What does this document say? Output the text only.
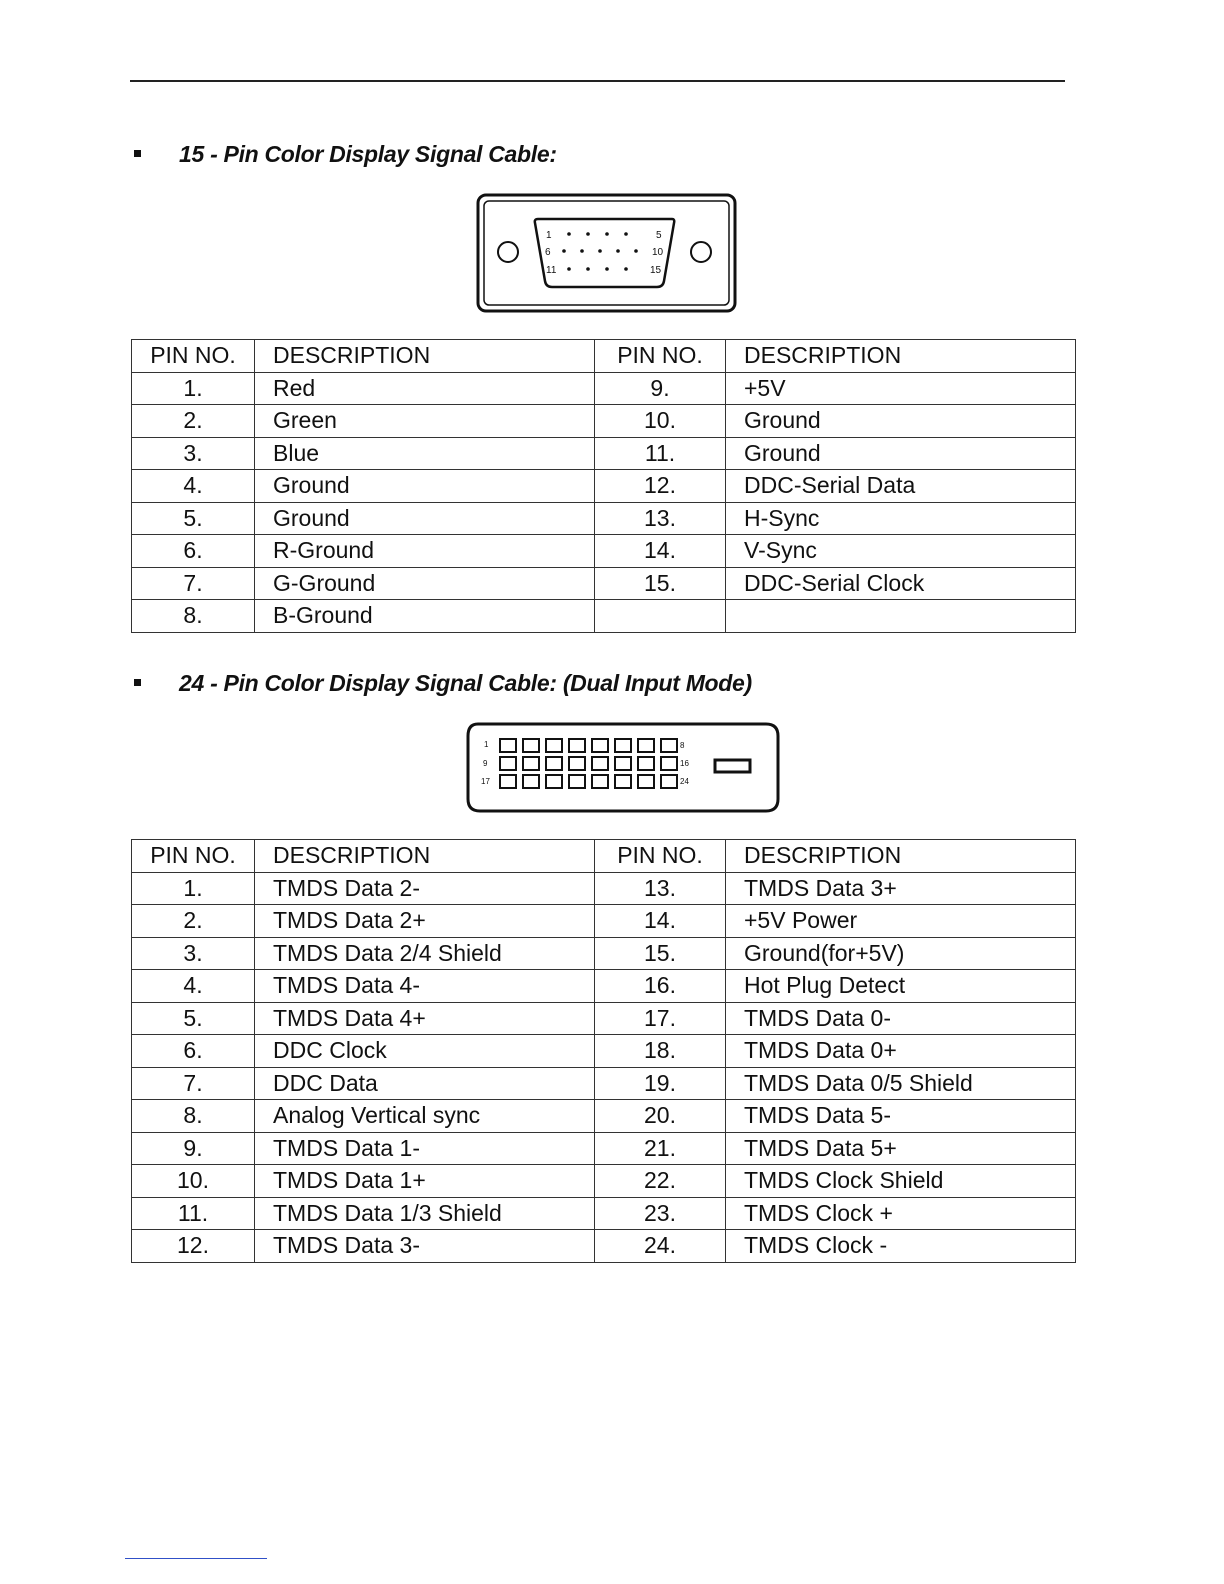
15 - Pin Color Display Signal Cable:
1	5
6	10
11	15
PIN NO.	DESCRIPTION	PIN NO.	DESCRIPTION
1.	Red	9.	+5V
2.	Green	10.	Ground
3.	Blue	11.	Ground
4.	Ground	12.	DDC-Serial Data
5.	Ground	13.	H-Sync
6.	R-Ground	14.	V-Sync
7.	G-Ground	15.	DDC-Serial Clock
8.	B-Ground		
24 - Pin Color Display Signal Cable: (Dual Input Mode)
1	8
9	16
17	24
PIN NO.	DESCRIPTION	PIN NO.	DESCRIPTION
1.	TMDS Data 2-	13.	TMDS Data 3+
2.	TMDS Data 2+	14.	+5V Power
3.	TMDS Data 2/4 Shield	15.	Ground(for+5V)
4.	TMDS Data 4-	16.	Hot Plug Detect
5.	TMDS Data 4+	17.	TMDS Data 0-
6.	DDC Clock	18.	TMDS Data 0+
7.	DDC Data	19.	TMDS Data 0/5 Shield
8.	Analog Vertical sync	20.	TMDS Data 5-
9.	TMDS Data 1-	21.	TMDS Data 5+
10.	TMDS Data 1+	22.	TMDS Clock Shield
11.	TMDS Data 1/3 Shield	23.	TMDS Clock +
12.	TMDS Data 3-	24.	TMDS Clock -
